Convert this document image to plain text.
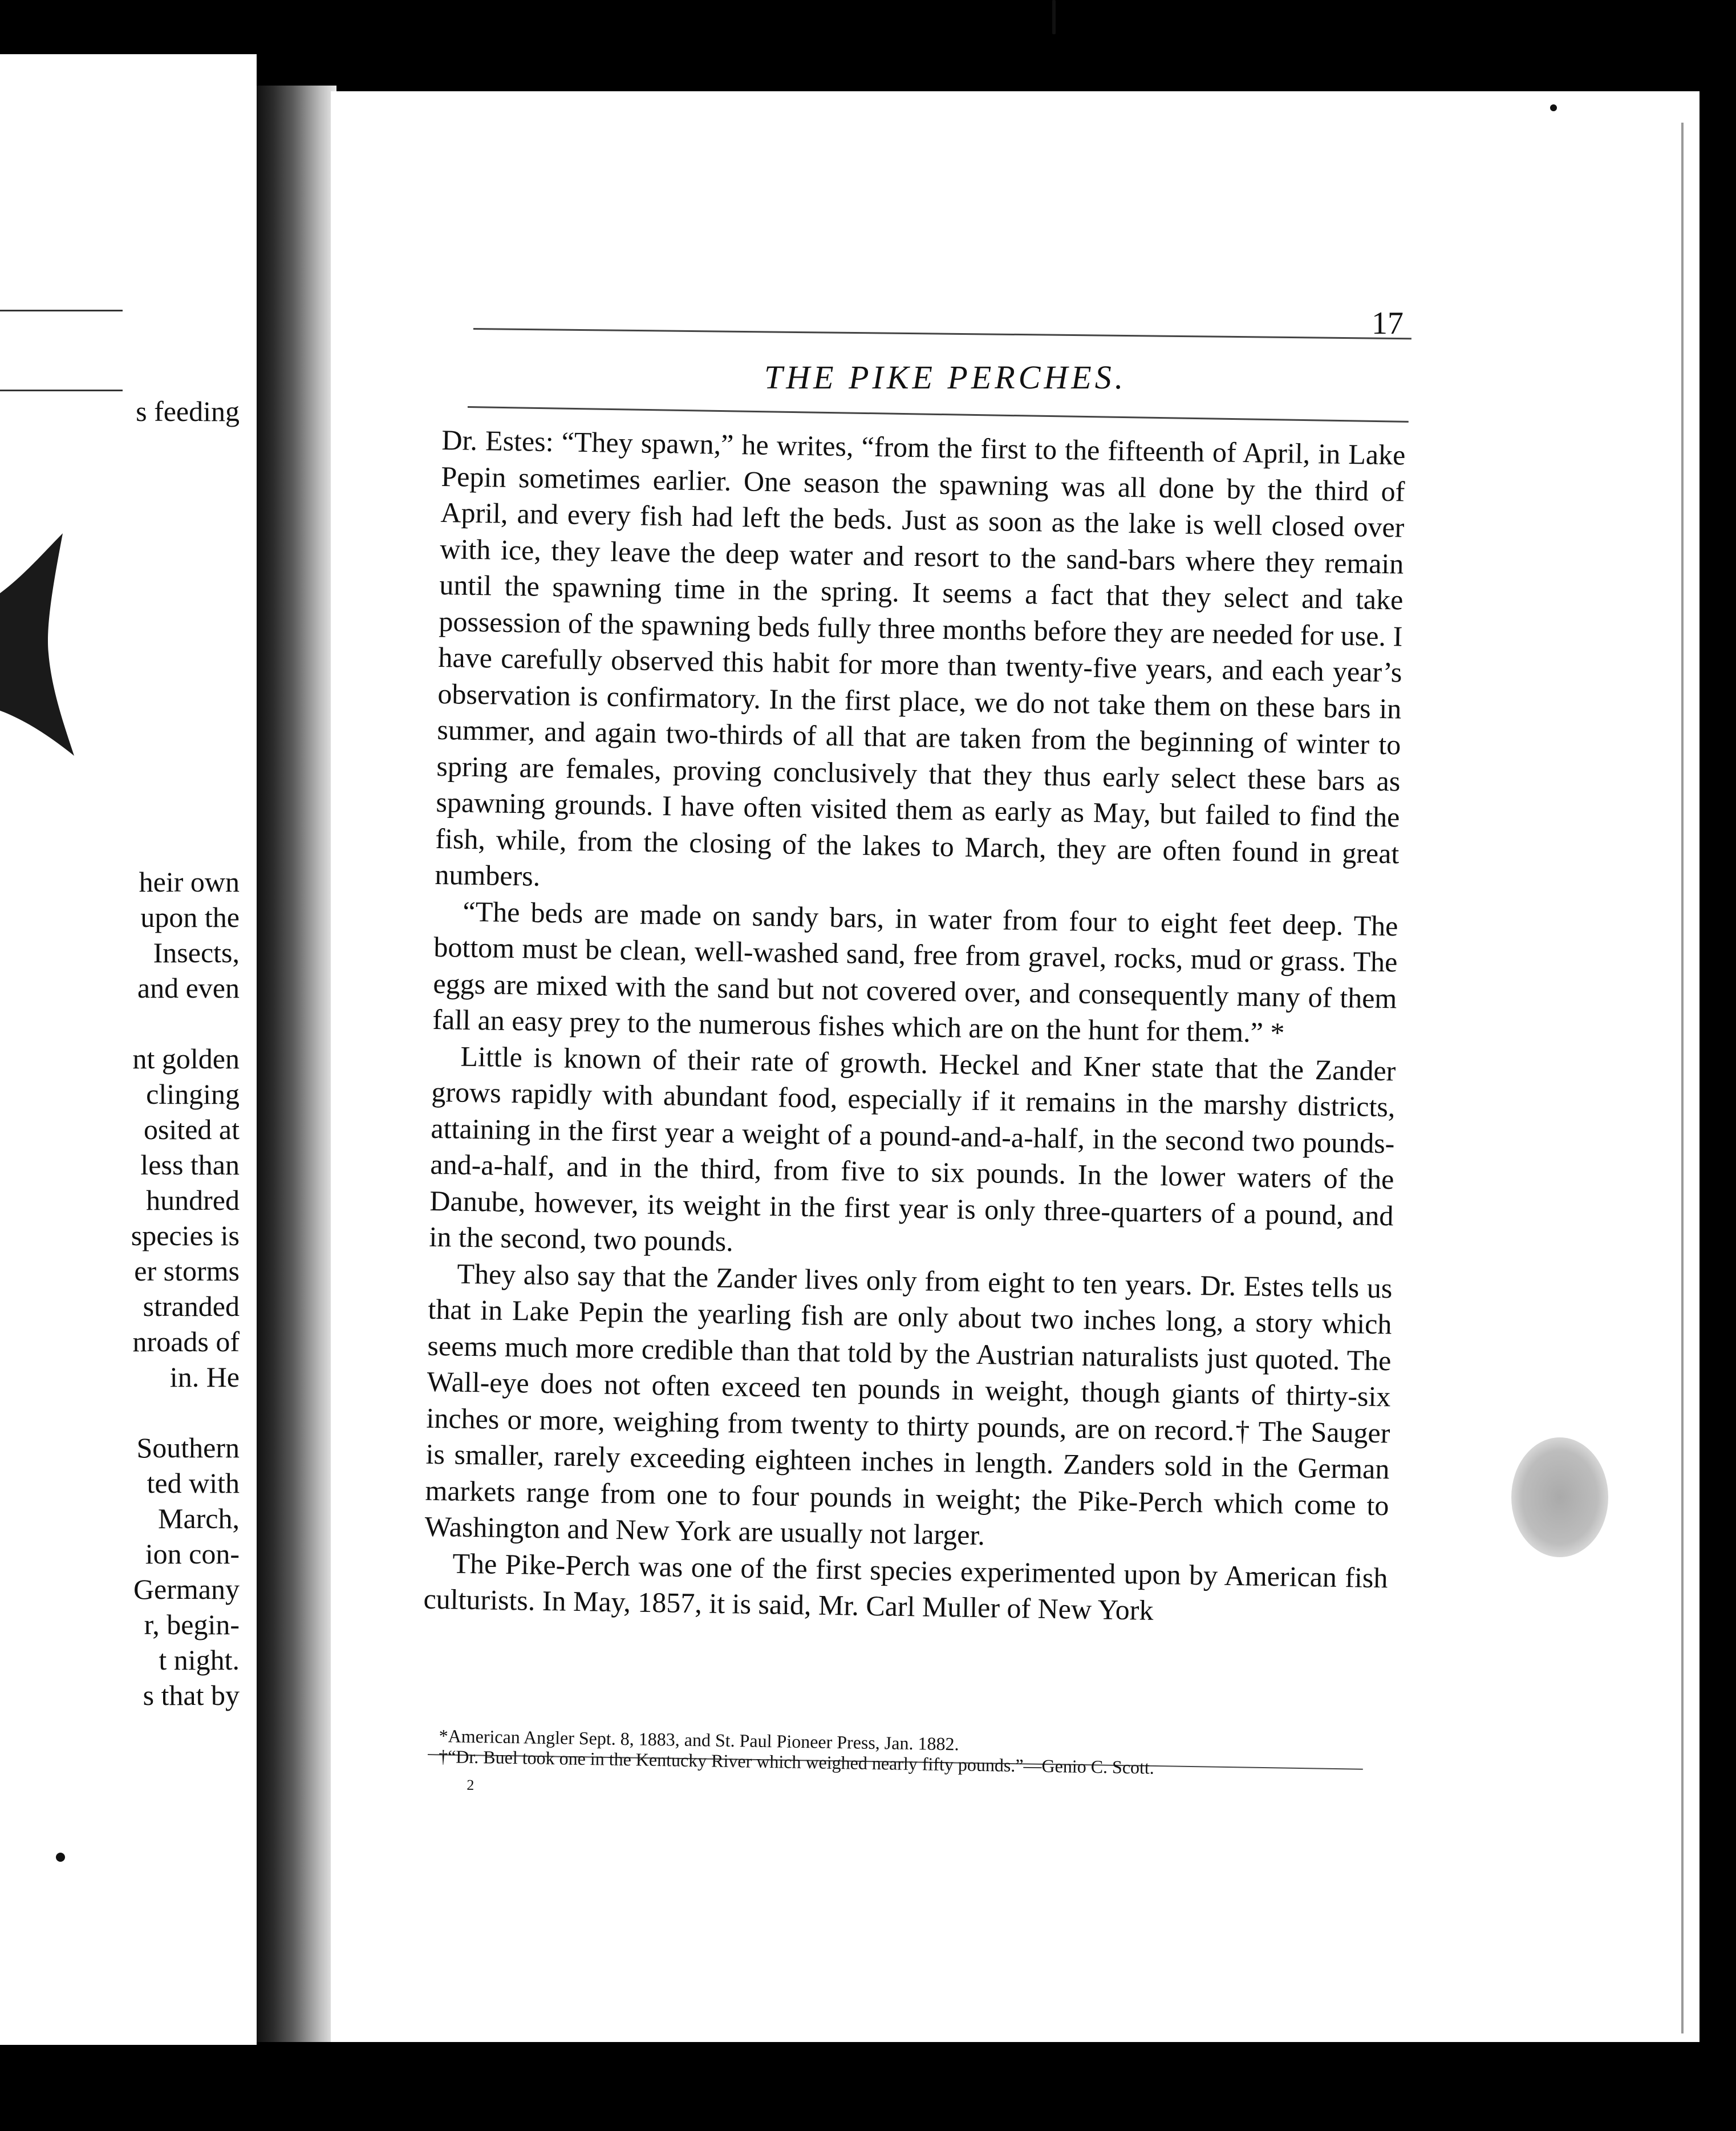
s feeding
heir own
upon the
Insects,
and even
nt golden
clinging
osited at
less than
hundred
species is
er storms
stranded
nroads of
in. He
Southern
ted with
March,
ion con-
Germany
r, begin-
t night.
s that by
THE PIKE PERCHES.
17

Dr. Estes: “They spawn,” he writes, “from the first to the fifteenth of April, in Lake Pepin sometimes earlier. One season the spawning was all done by the third of April, and every fish had left the beds. Just as soon as the lake is well closed over with ice, they leave the deep water and resort to the sand-bars where they remain until the spawning time in the spring. It seems a fact that they select and take possession of the spawning beds fully three months before they are needed for use. I have carefully observed this habit for more than twenty-five years, and each year’s observation is confirmatory. In the first place, we do not take them on these bars in summer, and again two-thirds of all that are taken from the beginning of winter to spring are females, proving conclusively that they thus early select these bars as spawning grounds. I have often visited them as early as May, but failed to find the fish, while, from the closing of the lakes to March, they are often found in great numbers.

“The beds are made on sandy bars, in water from four to eight feet deep. The bottom must be clean, well-washed sand, free from gravel, rocks, mud or grass. The eggs are mixed with the sand but not covered over, and consequently many of them fall an easy prey to the numerous fishes which are on the hunt for them.” *

Little is known of their rate of growth. Heckel and Kner state that the Zander grows rapidly with abundant food, especially if it remains in the marshy districts, attaining in the first year a weight of a pound-and-a-half, in the second two pounds-and-a-half, and in the third, from five to six pounds. In the lower waters of the Danube, however, its weight in the first year is only three-quarters of a pound, and in the second, two pounds.

They also say that the Zander lives only from eight to ten years. Dr. Estes tells us that in Lake Pepin the yearling fish are only about two inches long, a story which seems much more credible than that told by the Austrian naturalists just quoted. The Wall-eye does not often exceed ten pounds in weight, though giants of thirty-six inches or more, weighing from twenty to thirty pounds, are on record.† The Sauger is smaller, rarely exceeding eighteen inches in length. Zanders sold in the German markets range from one to four pounds in weight; the Pike-Perch which come to Washington and New York are usually not larger.

The Pike-Perch was one of the first species experimented upon by American fish culturists. In May, 1857, it is said, Mr. Carl Muller of New York

*American Angler Sept. 8, 1883, and St. Paul Pioneer Press, Jan. 1882.
†“Dr. Buel took one in the Kentucky River which weighed nearly fifty pounds.”—Genio C. Scott.
2
